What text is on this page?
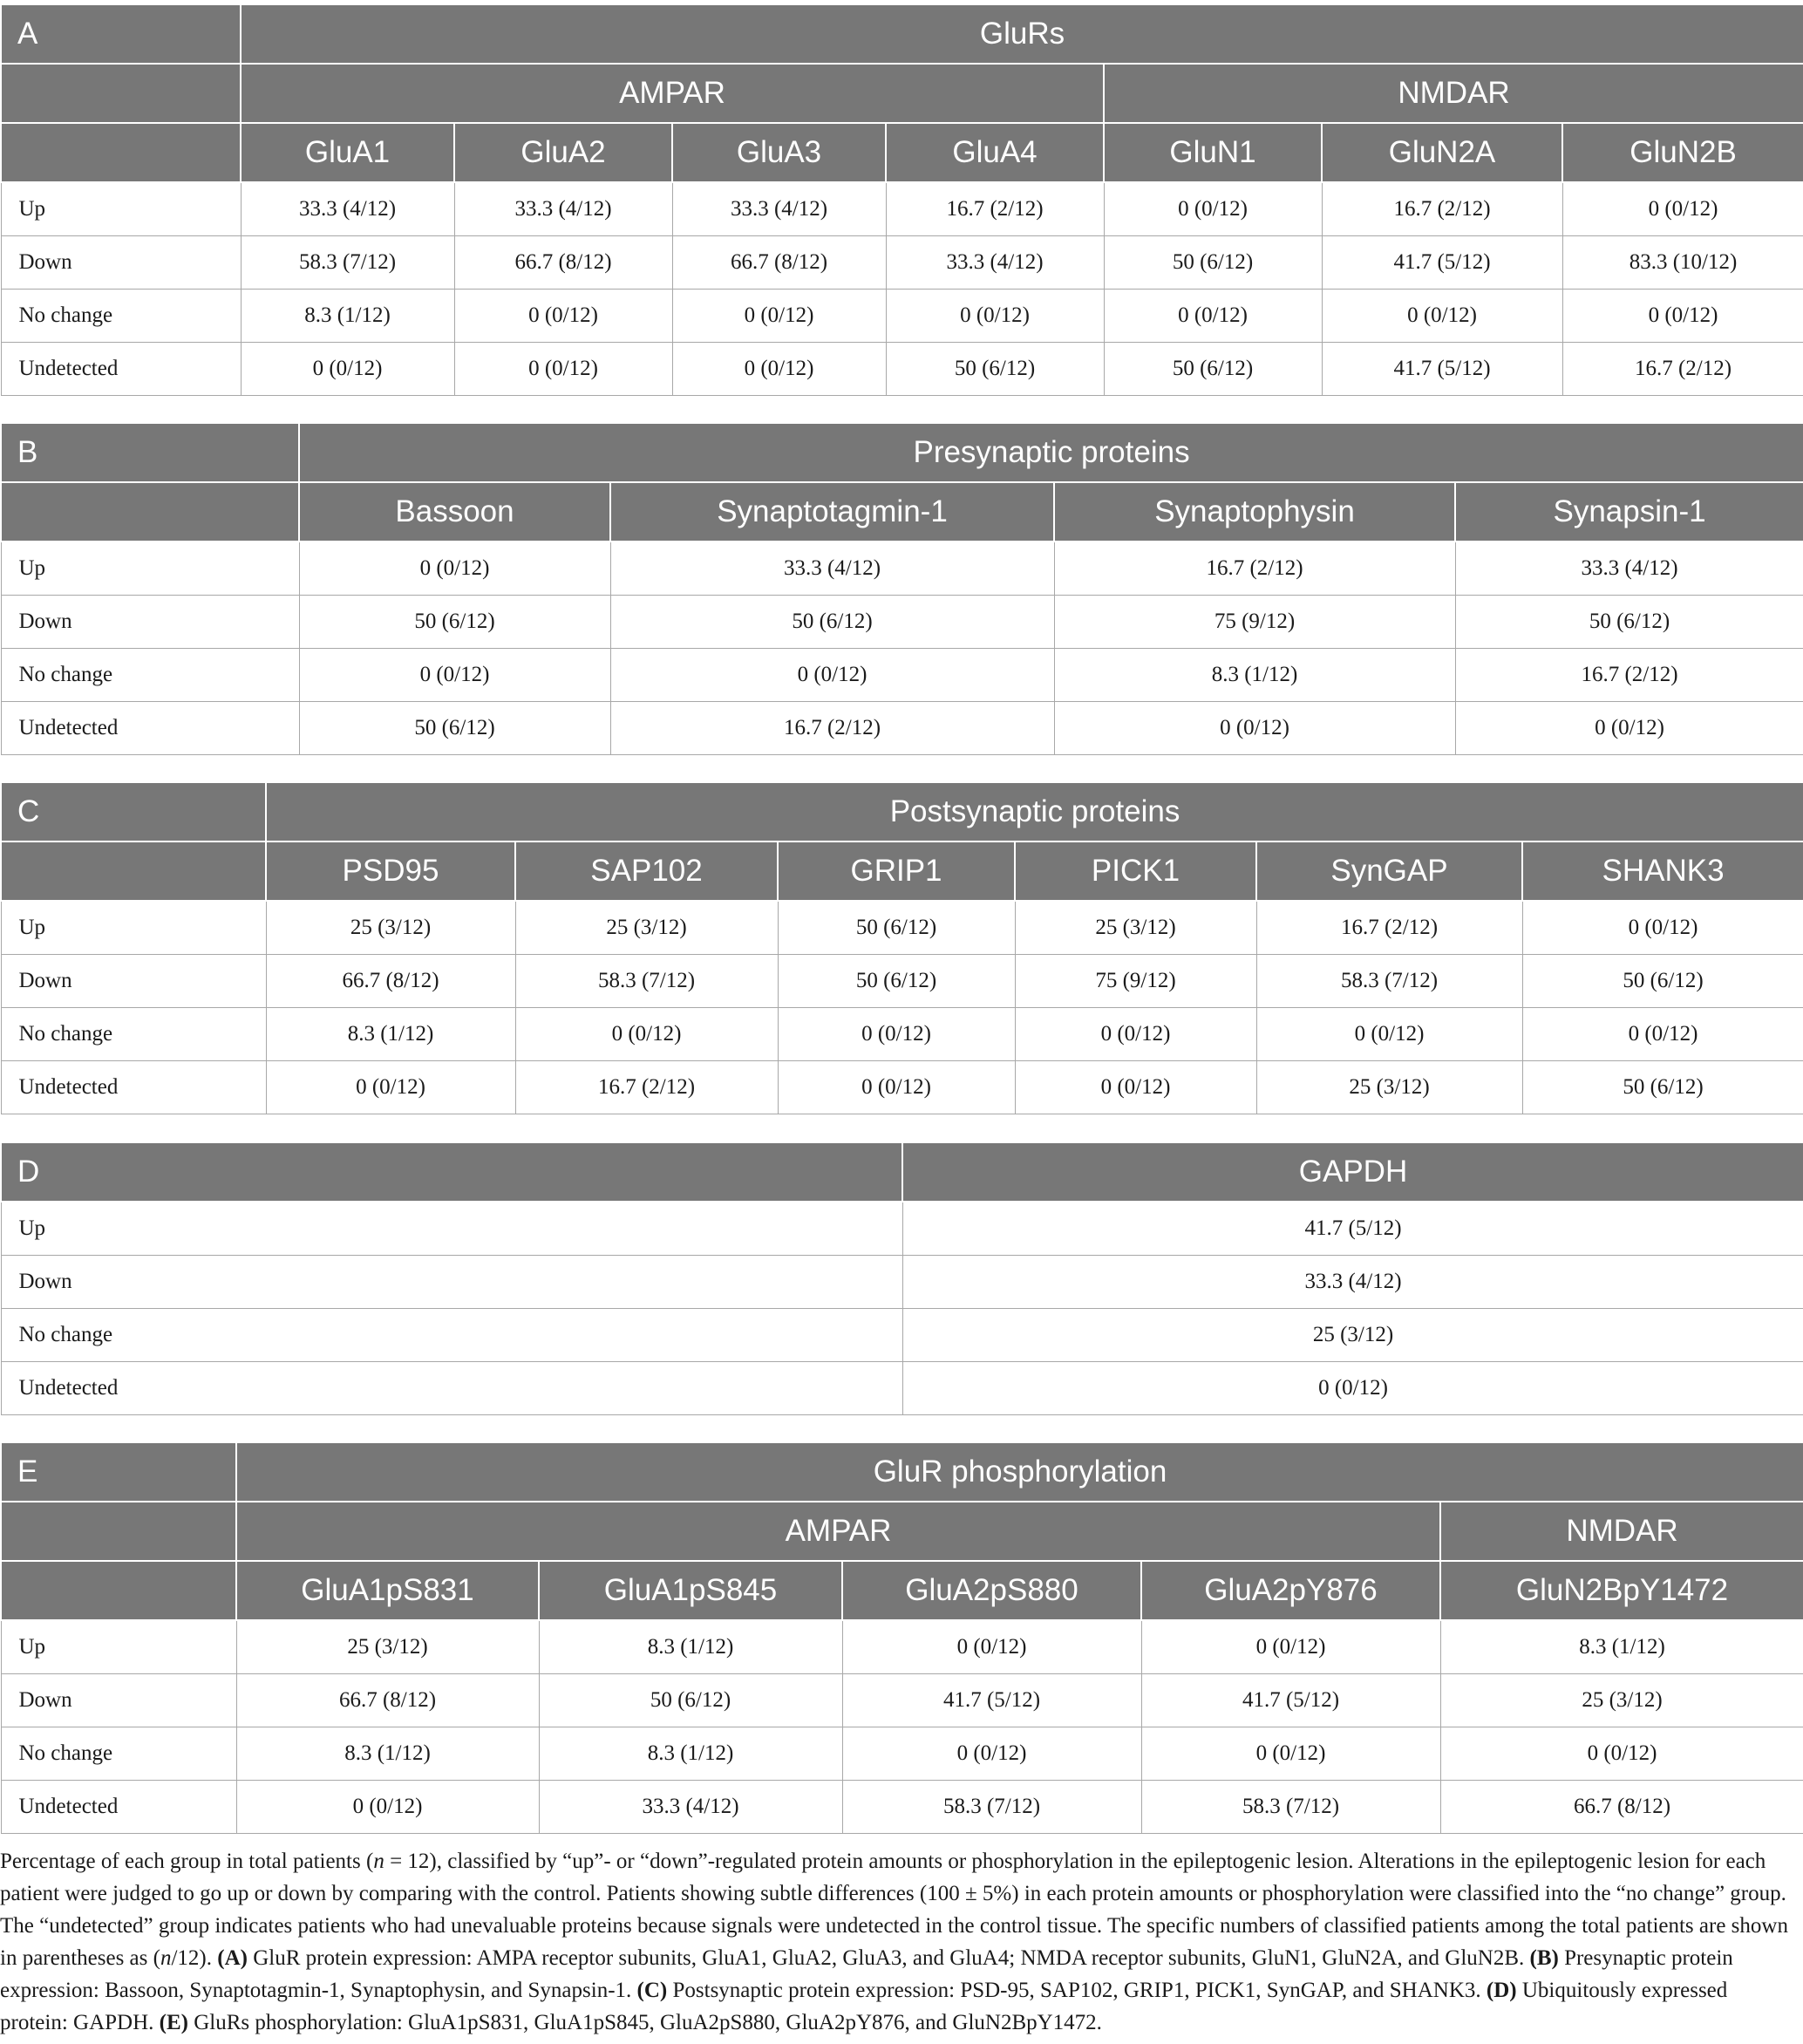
A	GluRs						
	AMPAR				NMDAR		
	GluA1	GluA2	GluA3	GluA4	GluN1	GluN2A	GluN2B
Up	33.3 (4/12)	33.3 (4/12)	33.3 (4/12)	16.7 (2/12)	0 (0/12)	16.7 (2/12)	0 (0/12)
Down	58.3 (7/12)	66.7 (8/12)	66.7 (8/12)	33.3 (4/12)	50 (6/12)	41.7 (5/12)	83.3 (10/12)
No change	8.3 (1/12)	0 (0/12)	0 (0/12)	0 (0/12)	0 (0/12)	0 (0/12)	0 (0/12)
Undetected	0 (0/12)	0 (0/12)	0 (0/12)	50 (6/12)	50 (6/12)	41.7 (5/12)	16.7 (2/12)
B	Presynaptic proteins			
	Bassoon	Synaptotagmin-1	Synaptophysin	Synapsin-1
Up	0 (0/12)	33.3 (4/12)	16.7 (2/12)	33.3 (4/12)
Down	50 (6/12)	50 (6/12)	75 (9/12)	50 (6/12)
No change	0 (0/12)	0 (0/12)	8.3 (1/12)	16.7 (2/12)
Undetected	50 (6/12)	16.7 (2/12)	0 (0/12)	0 (0/12)
C	Postsynaptic proteins					
	PSD95	SAP102	GRIP1	PICK1	SynGAP	SHANK3
Up	25 (3/12)	25 (3/12)	50 (6/12)	25 (3/12)	16.7 (2/12)	0 (0/12)
Down	66.7 (8/12)	58.3 (7/12)	50 (6/12)	75 (9/12)	58.3 (7/12)	50 (6/12)
No change	8.3 (1/12)	0 (0/12)	0 (0/12)	0 (0/12)	0 (0/12)	0 (0/12)
Undetected	0 (0/12)	16.7 (2/12)	0 (0/12)	0 (0/12)	25 (3/12)	50 (6/12)
D	GAPDH
Up	41.7 (5/12)
Down	33.3 (4/12)
No change	25 (3/12)
Undetected	0 (0/12)
E	GluR phosphorylation				
	AMPAR				NMDAR
	GluA1pS831	GluA1pS845	GluA2pS880	GluA2pY876	GluN2BpY1472
Up	25 (3/12)	8.3 (1/12)	0 (0/12)	0 (0/12)	8.3 (1/12)
Down	66.7 (8/12)	50 (6/12)	41.7 (5/12)	41.7 (5/12)	25 (3/12)
No change	8.3 (1/12)	8.3 (1/12)	0 (0/12)	0 (0/12)	0 (0/12)
Undetected	0 (0/12)	33.3 (4/12)	58.3 (7/12)	58.3 (7/12)	66.7 (8/12)

Percentage of each group in total patients (n = 12), classified by “up”- or “down”-regulated protein amounts or phosphorylation in the epileptogenic lesion. Alterations in the epileptogenic lesion for each patient were judged to go up or down by comparing with the control. Patients showing subtle differences (100 ± 5%) in each protein amounts or phosphorylation were classified into the “no change” group. The “undetected” group indicates patients who had unevaluable proteins because signals were undetected in the control tissue. The specific numbers of classified patients among the total patients are shown in parentheses as (n/12). (A) GluR protein expression: AMPA receptor subunits, GluA1, GluA2, GluA3, and GluA4; NMDA receptor subunits, GluN1, GluN2A, and GluN2B. (B) Presynaptic protein expression: Bassoon, Synaptotagmin-1, Synaptophysin, and Synapsin-1. (C) Postsynaptic protein expression: PSD-95, SAP102, GRIP1, PICK1, SynGAP, and SHANK3. (D) Ubiquitously expressed protein: GAPDH. (E) GluRs phosphorylation: GluA1pS831, GluA1pS845, GluA2pS880, GluA2pY876, and GluN2BpY1472.
